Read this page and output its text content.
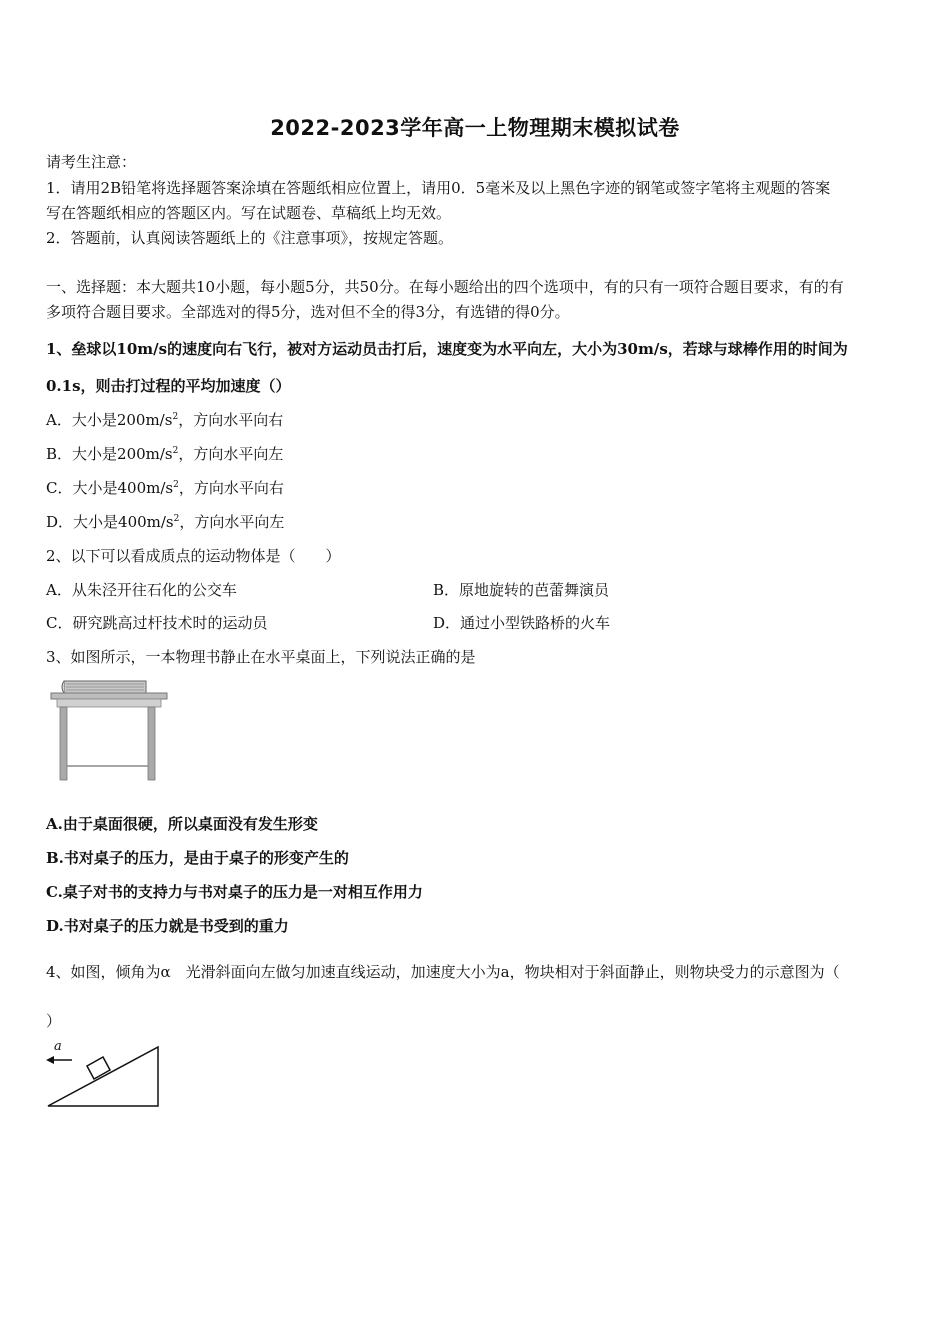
2022-2023学年高一上物理期末模拟试卷
请考生注意：
1．请用2B铅笔将选择题答案涂填在答题纸相应位置上，请用0．5毫米及以上黑色字迹的钢笔或签字笔将主观题的答案
写在答题纸相应的答题区内。写在试题卷、草稿纸上均无效。
2．答题前，认真阅读答题纸上的《注意事项》，按规定答题。
一、选择题：本大题共10小题，每小题5分，共50分。在每小题给出的四个选项中，有的只有一项符合题目要求，有的有
多项符合题目要求。全部选对的得5分，选对但不全的得3分，有选错的得0分。
1、垒球以10m/s的速度向右飞行，被对方运动员击打后，速度变为水平向左，大小为30m/s，若球与球棒作用的时间为
0.1s，则击打过程的平均加速度（）
A．大小是$200m/s^2$，方向水平向右
B．大小是$200m/s^2$，方向水平向左
C．大小是$400m/s^2$，方向水平向右
D．大小是$400m/s^2$，方向水平向左
2、以下可以看成质点的运动物体是（　　）
A．从朱泾开往石化的公交车	B．原地旋转的芭蕾舞演员
C．研究跳高过杆技术时的运动员	D．通过小型铁路桥的火车
3、如图所示，一本物理书静止在水平桌面上，下列说法正确的是
A.由于桌面很硬，所以桌面没有发生形变
B.书对桌子的压力，是由于桌子的形变产生的
C.桌子对书的支持力与书对桌子的压力是一对相互作用力
D.书对桌子的压力就是书受到的重力
4、如图，倾角为α　光滑斜面向左做匀加速直线运动，加速度大小为a，物块相对于斜面静止，则物块受力的示意图为（
）
a
